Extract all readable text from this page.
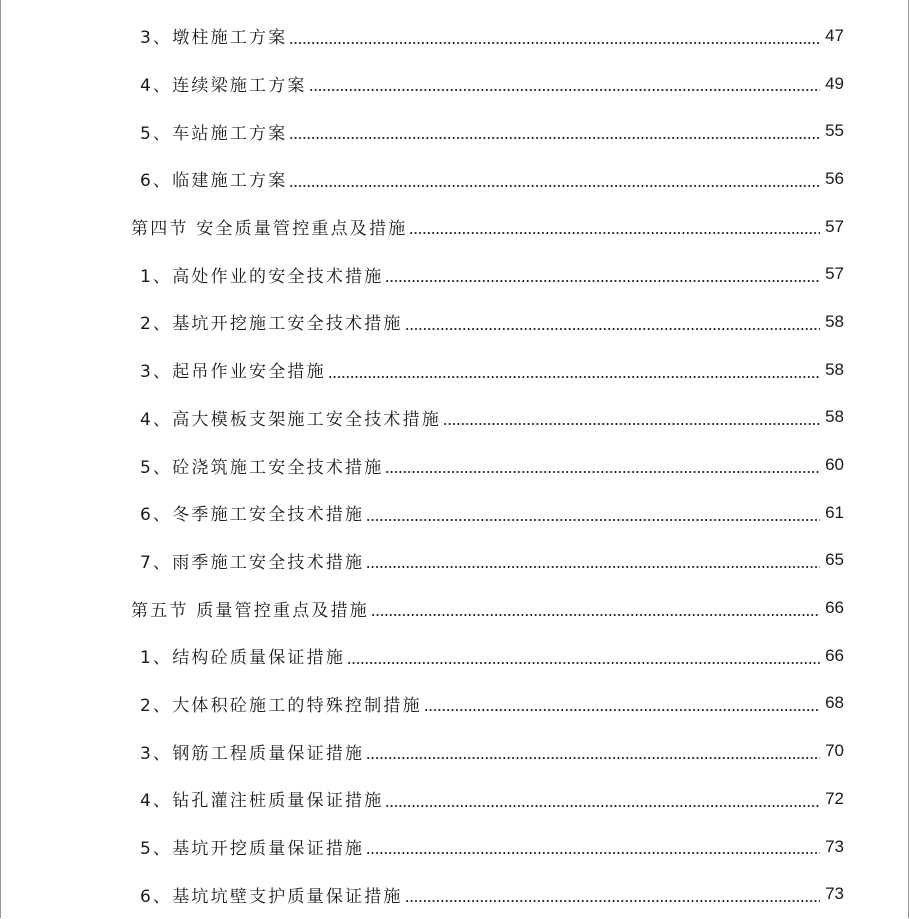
3、墩柱施工方案	47
4、连续梁施工方案	49
5、车站施工方案	55
6、临建施工方案	56
第四节 安全质量管控重点及措施	57
1、高处作业的安全技术措施	57
2、基坑开挖施工安全技术措施	58
3、起吊作业安全措施	58
4、高大模板支架施工安全技术措施	58
5、砼浇筑施工安全技术措施	60
6、冬季施工安全技术措施	61
7、雨季施工安全技术措施	65
第五节 质量管控重点及措施	66
1、结构砼质量保证措施	66
2、大体积砼施工的特殊控制措施	68
3、钢筋工程质量保证措施	70
4、钻孔灌注桩质量保证措施	72
5、基坑开挖质量保证措施	73
6、基坑坑壁支护质量保证措施	73
